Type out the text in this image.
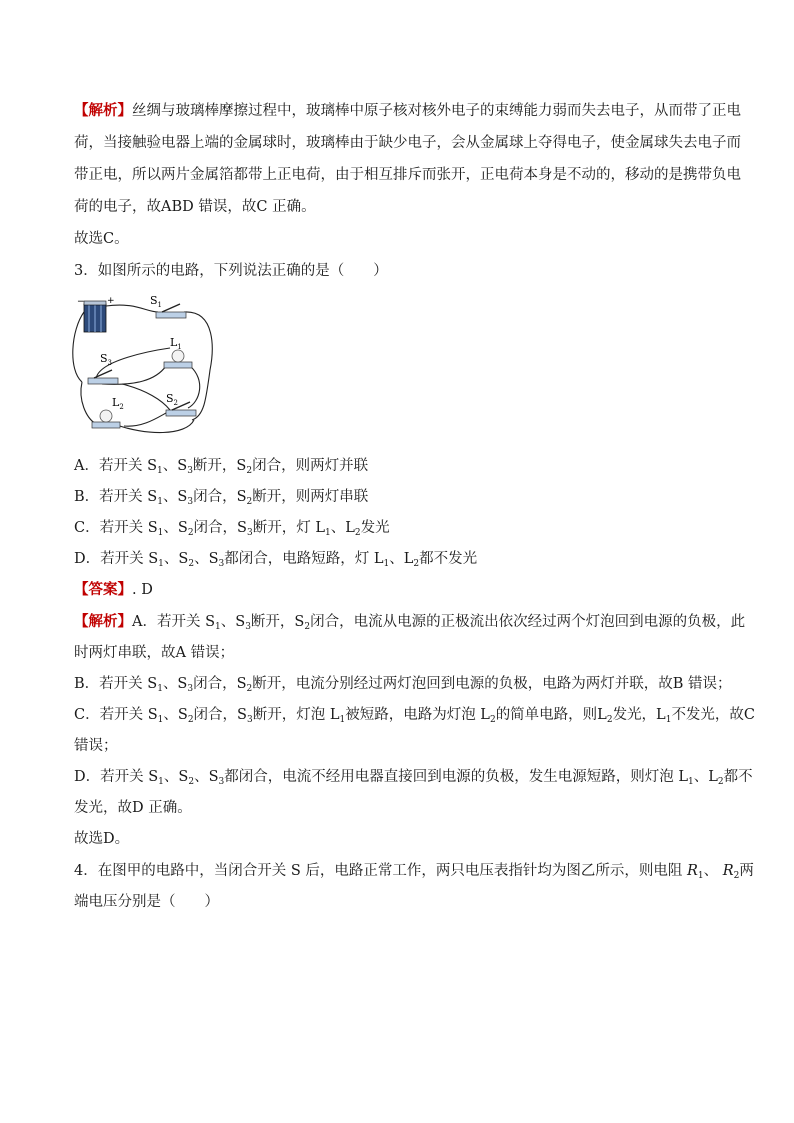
【解析】丝绸与玻璃棒摩擦过程中，玻璃棒中原子核对核外电子的束缚能力弱而失去电子，从而带了正电
荷，当接触验电器上端的金属球时，玻璃棒由于缺少电子，会从金属球上夺得电子，使金属球失去电子而
带正电，所以两片金属箔都带上正电荷，由于相互排斥而张开，正电荷本身是不动的，移动的是携带负电
荷的电子，故ABD 错误，故C 正确。
故选C。
3．如图所示的电路，下列说法正确的是（　　）
− +	$S_1$
$L_1$
$S_3$
$S_2$
$L_2$
A．若开关 $S_1$、$S_3$断开，$S_2$闭合，则两灯并联
B．若开关 $S_1$、$S_3$闭合，$S_2$断开，则两灯串联
C．若开关 $S_1$、$S_2$闭合，$S_3$断开，灯 $L_1$、$L_2$发光
D．若开关 $S_1$、$S_2$、$S_3$都闭合，电路短路，灯 $L_1$、$L_2$都不发光
【答案】. D
【解析】A．若开关 $S_1$、$S_3$断开，$S_2$闭合，电流从电源的正极流出依次经过两个灯泡回到电源的负极，此
时两灯串联，故A 错误；
B．若开关 $S_1$、$S_3$闭合，$S_2$断开，电流分别经过两灯泡回到电源的负极，电路为两灯并联，故B 错误；
C．若开关 $S_1$、$S_2$闭合，$S_3$断开，灯泡 $L_1$被短路，电路为灯泡 $L_2$的简单电路，则$L_2$发光，$L_1$不发光，故C
错误；
D．若开关 $S_1$、$S_2$、$S_3$都闭合，电流不经用电器直接回到电源的负极，发生电源短路，则灯泡 $L_1$、$L_2$都不
发光，故D 正确。
故选D。
4．在图甲的电路中，当闭合开关 S 后，电路正常工作，两只电压表指针均为图乙所示，则电阻 $R_1$、 $R_2$两
端电压分别是（　　）
